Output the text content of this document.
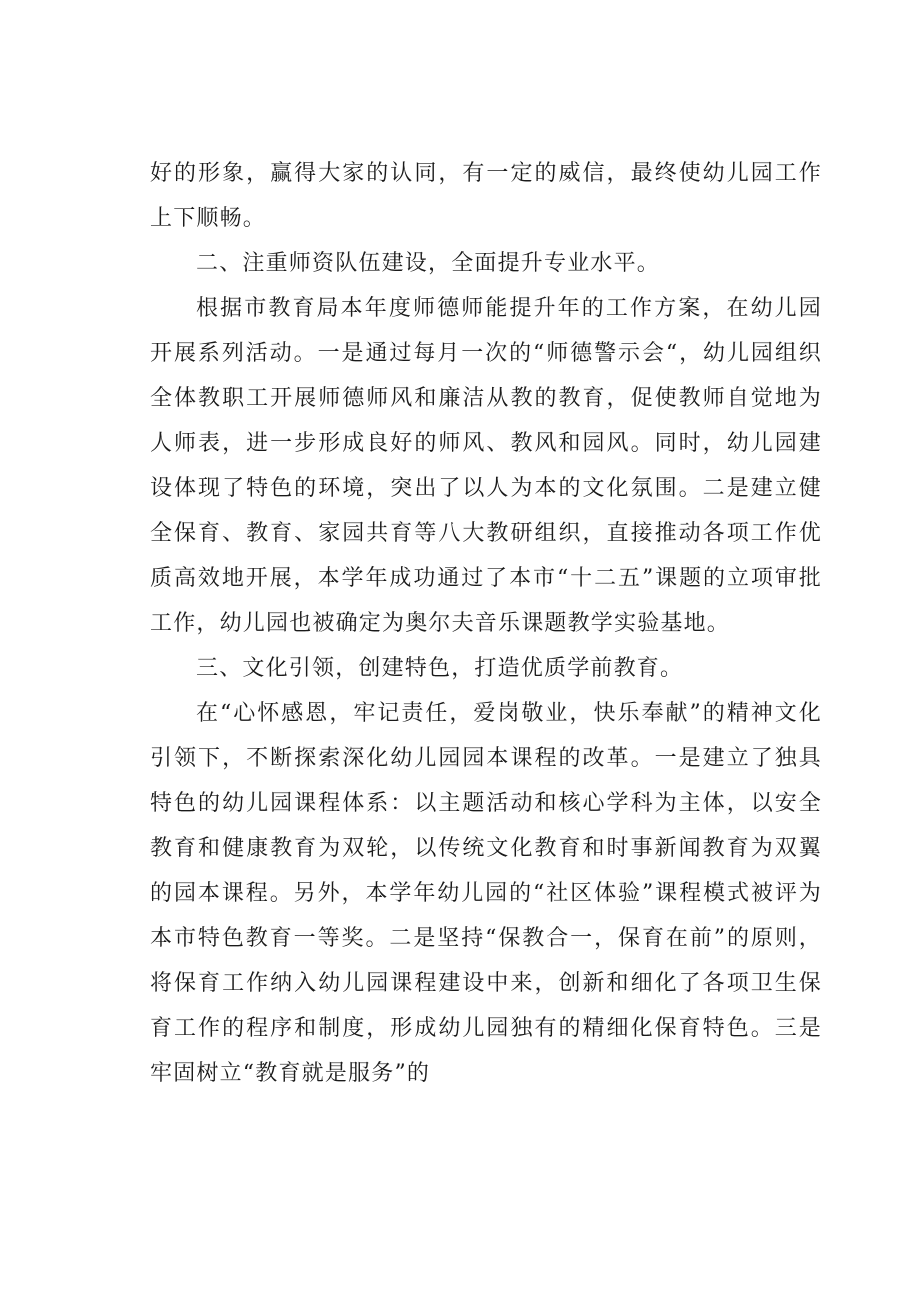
好的形象，赢得大家的认同，有一定的威信，最终使幼儿园工作上下顺畅。

二、注重师资队伍建设，全面提升专业水平。

根据市教育局本年度师德师能提升年的工作方案，在幼儿园开展系列活动。一是通过每月一次的“师德警示会“，幼儿园组织全体教职工开展师德师风和廉洁从教的教育，促使教师自觉地为人师表，进一步形成良好的师风、教风和园风。同时，幼儿园建设体现了特色的环境，突出了以人为本的文化氛围。二是建立健全保育、教育、家园共育等八大教研组织，直接推动各项工作优质高效地开展，本学年成功通过了本市“十二五”课题的立项审批工作，幼儿园也被确定为奥尔夫音乐课题教学实验基地。

三、文化引领，创建特色，打造优质学前教育。

在“心怀感恩，牢记责任，爱岗敬业，快乐奉献”的精神文化引领下，不断探索深化幼儿园园本课程的改革。一是建立了独具特色的幼儿园课程体系：以主题活动和核心学科为主体，以安全教育和健康教育为双轮，以传统文化教育和时事新闻教育为双翼的园本课程。另外，本学年幼儿园的“社区体验”课程模式被评为本市特色教育一等奖。二是坚持“保教合一，保育在前”的原则，将保育工作纳入幼儿园课程建设中来，创新和细化了各项卫生保育工作的程序和制度，形成幼儿园独有的精细化保育特色。三是牢固树立“教育就是服务”的
